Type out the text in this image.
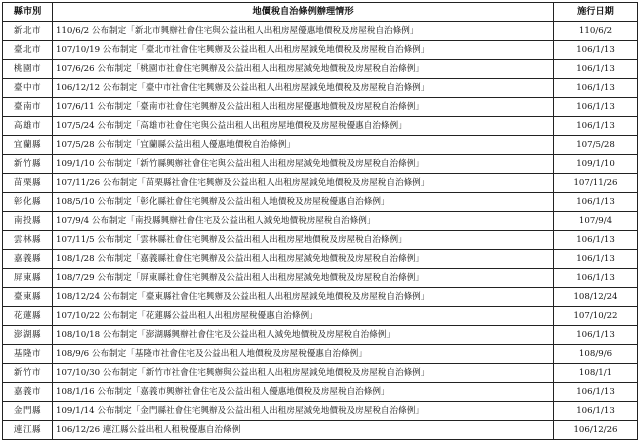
縣市別	地價稅自治條例辦理情形	施行日期
新北市	110/6/2 公布制定「新北市興辦社會住宅與公益出租人出租房屋優惠地價稅及房屋稅自治條例」	110/6/2
臺北市	107/10/19 公布制定「臺北市社會住宅興辦及公益出租人出租房屋減免地價稅及房屋稅自治條例」	106/1/13
桃園市	107/6/26 公布制定「桃園市社會住宅興辦及公益出租人出租房屋減免地價稅及房屋稅自治條例」	106/1/13
臺中市	106/12/12 公布制定「臺中市社會住宅興辦及公益出租人出租房屋減免地價稅及房屋稅自治條例」	106/1/13
臺南市	107/6/11 公布制定「臺南市社會住宅興辦及公益出租人出租房屋優惠地價稅及房屋稅自治條例」	106/1/13
高雄市	107/5/24 公布制定「高雄市社會住宅與公益出租人出租房屋地價稅及房屋稅優惠自治條例」	106/1/13
宜蘭縣	107/5/28 公布制定「宜蘭縣公益出租人優惠地價稅自治條例」	107/5/28
新竹縣	109/1/10 公布制定「新竹縣興辦社會住宅與公益出租人出租房屋減免地價稅及房屋稅自治條例」	109/1/10
苗栗縣	107/11/26 公布制定「苗栗縣社會住宅興辦及公益出租人出租房屋減免地價稅及房屋稅自治條例」	107/11/26
彰化縣	108/5/10 公布制定「彰化縣社會住宅興辦及公益出租人地價稅及房屋稅優惠自治條例」	106/1/13
南投縣	107/9/4 公布制定「南投縣興辦社會住宅及公益出租人減免地價稅房屋稅自治條例」	107/9/4
雲林縣	107/11/5 公布制定「雲林縣社會住宅興辦及公益出租人出租房屋地價稅及房屋稅自治條例」	106/1/13
嘉義縣	108/1/28 公布制定「嘉義縣社會住宅興辦及公益出租人出租房屋減免地價稅及房屋稅自治條例」	106/1/13
屏東縣	108/7/29 公布制定「屏東縣社會住宅興辦及公益出租人出租房屋減免地價稅及房屋稅自治條例」	106/1/13
臺東縣	108/12/24 公布制定「臺東縣社會住宅興辦及公益出租人出租房屋減免地價稅及房屋稅自治條例」	108/12/24
花蓮縣	107/10/22 公布制定「花蓮縣公益出租人出租房屋稅優惠自治條例」	107/10/22
澎湖縣	108/10/18 公布制定「澎湖縣興辦社會住宅及公益出租人減免地價稅及房屋稅自治條例」	106/1/13
基隆市	108/9/6 公布制定「基隆市社會住宅及公益出租人地價稅及房屋稅優惠自治條例」	108/9/6
新竹市	107/10/30 公布制定「新竹市社會住宅興辦與公益出租人出租房屋減免地價稅及房屋稅自治條例」	108/1/1
嘉義市	108/1/16 公布制定「嘉義市興辦社會住宅及公益出租人優惠地價稅及房屋稅自治條例」	106/1/13
金門縣	109/1/14 公布制定「金門縣社會住宅興辦及公益出租人出租房屋減免地價稅及房屋稅自治條例」	106/1/13
連江縣	106/12/26 連江縣公益出租人租稅優惠自治條例	106/12/26
